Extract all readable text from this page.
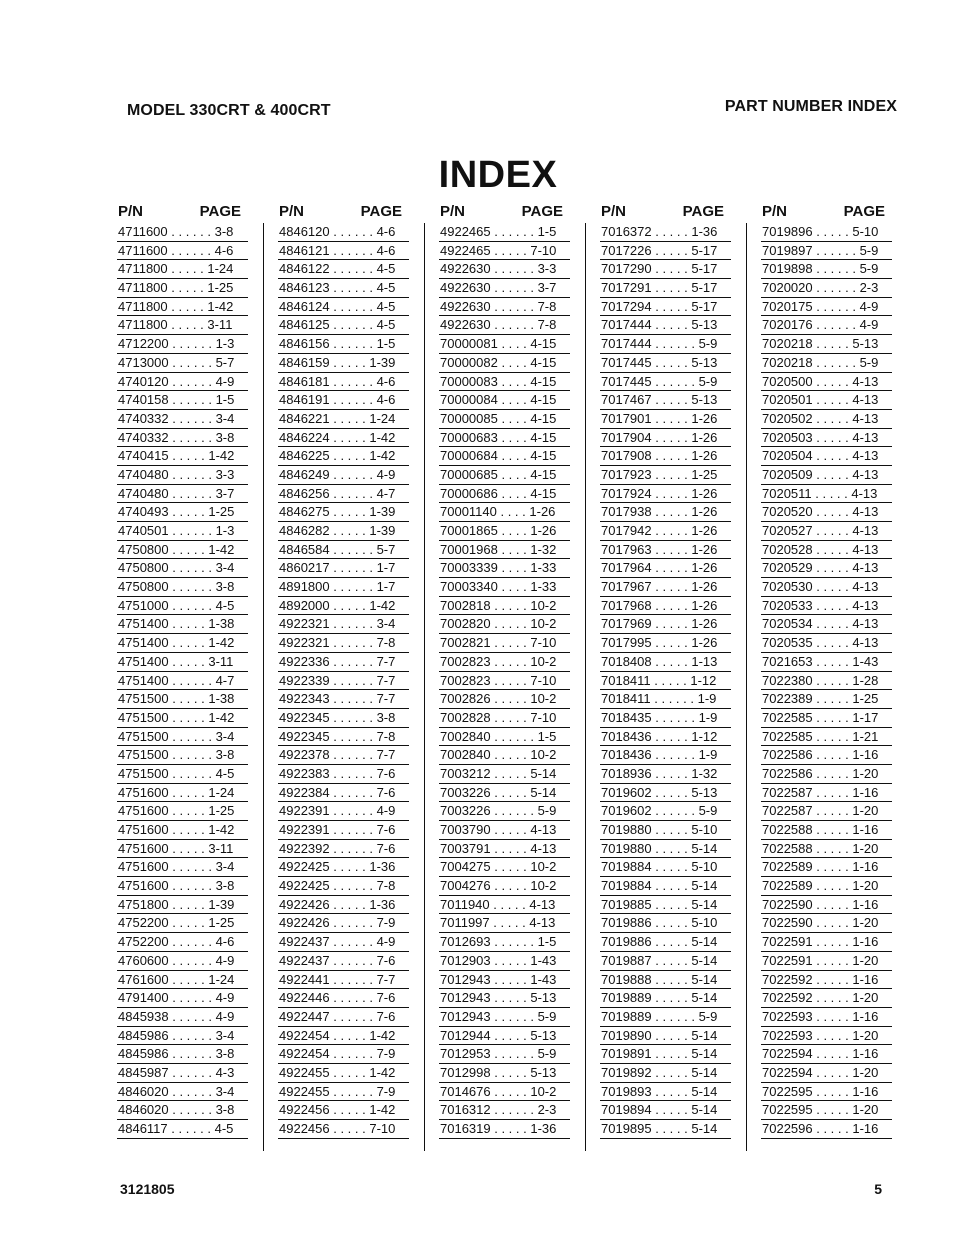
MODEL 330CRT & 400CRT	PART NUMBER INDEX
INDEX
P/N	PAGE
4711600 . . . . . . 3-8
4711600 . . . . . . 4-6
4711800 . . . . . 1-24
4711800 . . . . . 1-25
4711800 . . . . . 1-42
4711800 . . . . . 3-11
4712200 . . . . . . 1-3
4713000 . . . . . . 5-7
4740120 . . . . . . 4-9
4740158 . . . . . . 1-5
4740332 . . . . . . 3-4
4740332 . . . . . . 3-8
4740415 . . . . . 1-42
4740480 . . . . . . 3-3
4740480 . . . . . . 3-7
4740493 . . . . . 1-25
4740501 . . . . . . 1-3
4750800 . . . . . 1-42
4750800 . . . . . . 3-4
4750800 . . . . . . 3-8
4751000 . . . . . . 4-5
4751400 . . . . . 1-38
4751400 . . . . . 1-42
4751400 . . . . . 3-11
4751400 . . . . . . 4-7
4751500 . . . . . 1-38
4751500 . . . . . 1-42
4751500 . . . . . . 3-4
4751500 . . . . . . 3-8
4751500 . . . . . . 4-5
4751600 . . . . . 1-24
4751600 . . . . . 1-25
4751600 . . . . . 1-42
4751600 . . . . . 3-11
4751600 . . . . . . 3-4
4751600 . . . . . . 3-8
4751800 . . . . . 1-39
4752200 . . . . . 1-25
4752200 . . . . . . 4-6
4760600 . . . . . . 4-9
4761600 . . . . . 1-24
4791400 . . . . . . 4-9
4845938 . . . . . . 4-9
4845986 . . . . . . 3-4
4845986 . . . . . . 3-8
4845987 . . . . . . 4-3
4846020 . . . . . . 3-4
4846020 . . . . . . 3-8
4846117 . . . . . . 4-5
P/N	PAGE
4846120 . . . . . . 4-6
4846121 . . . . . . 4-6
4846122 . . . . . . 4-5
4846123 . . . . . . 4-5
4846124 . . . . . . 4-5
4846125 . . . . . . 4-5
4846156 . . . . . . 1-5
4846159 . . . . . 1-39
4846181 . . . . . . 4-6
4846191 . . . . . . 4-6
4846221 . . . . . 1-24
4846224 . . . . . 1-42
4846225 . . . . . 1-42
4846249 . . . . . . 4-9
4846256 . . . . . . 4-7
4846275 . . . . . 1-39
4846282 . . . . . 1-39
4846584 . . . . . . 5-7
4860217 . . . . . . 1-7
4891800 . . . . . . 1-7
4892000 . . . . . 1-42
4922321 . . . . . . 3-4
4922321 . . . . . . 7-8
4922336 . . . . . . 7-7
4922339 . . . . . . 7-7
4922343 . . . . . . 7-7
4922345 . . . . . . 3-8
4922345 . . . . . . 7-8
4922378 . . . . . . 7-7
4922383 . . . . . . 7-6
4922384 . . . . . . 7-6
4922391 . . . . . . 4-9
4922391 . . . . . . 7-6
4922392 . . . . . . 7-6
4922425 . . . . . 1-36
4922425 . . . . . . 7-8
4922426 . . . . . 1-36
4922426 . . . . . . 7-9
4922437 . . . . . . 4-9
4922437 . . . . . . 7-6
4922441 . . . . . . 7-7
4922446 . . . . . . 7-6
4922447 . . . . . . 7-6
4922454 . . . . . 1-42
4922454 . . . . . . 7-9
4922455 . . . . . 1-42
4922455 . . . . . . 7-9
4922456 . . . . . 1-42
4922456 . . . . . 7-10
P/N	PAGE
4922465 . . . . . . 1-5
4922465 . . . . . 7-10
4922630 . . . . . . 3-3
4922630 . . . . . . 3-7
4922630 . . . . . . 7-8
4922630 . . . . . . 7-8
70000081 . . . . 4-15
70000082 . . . . 4-15
70000083 . . . . 4-15
70000084 . . . . 4-15
70000085 . . . . 4-15
70000683 . . . . 4-15
70000684 . . . . 4-15
70000685 . . . . 4-15
70000686 . . . . 4-15
70001140 . . . . 1-26
70001865 . . . . 1-26
70001968 . . . . 1-32
70003339 . . . . 1-33
70003340 . . . . 1-33
7002818 . . . . . 10-2
7002820 . . . . . 10-2
7002821 . . . . . 7-10
7002823 . . . . . 10-2
7002823 . . . . . 7-10
7002826 . . . . . 10-2
7002828 . . . . . 7-10
7002840 . . . . . . 1-5
7002840 . . . . . 10-2
7003212 . . . . . 5-14
7003226 . . . . . 5-14
7003226 . . . . . . 5-9
7003790 . . . . . 4-13
7003791 . . . . . 4-13
7004275 . . . . . 10-2
7004276 . . . . . 10-2
7011940 . . . . . 4-13
7011997 . . . . . 4-13
7012693 . . . . . . 1-5
7012903 . . . . . 1-43
7012943 . . . . . 1-43
7012943 . . . . . 5-13
7012943 . . . . . . 5-9
7012944 . . . . . 5-13
7012953 . . . . . . 5-9
7012998 . . . . . 5-13
7014676 . . . . . 10-2
7016312 . . . . . . 2-3
7016319 . . . . . 1-36
P/N	PAGE
7016372 . . . . . 1-36
7017226 . . . . . 5-17
7017290 . . . . . 5-17
7017291 . . . . . 5-17
7017294 . . . . . 5-17
7017444 . . . . . 5-13
7017444 . . . . . . 5-9
7017445 . . . . . 5-13
7017445 . . . . . . 5-9
7017467 . . . . . 5-13
7017901 . . . . . 1-26
7017904 . . . . . 1-26
7017908 . . . . . 1-26
7017923 . . . . . 1-25
7017924 . . . . . 1-26
7017938 . . . . . 1-26
7017942 . . . . . 1-26
7017963 . . . . . 1-26
7017964 . . . . . 1-26
7017967 . . . . . 1-26
7017968 . . . . . 1-26
7017969 . . . . . 1-26
7017995 . . . . . 1-26
7018408 . . . . . 1-13
7018411 . . . . . 1-12
7018411 . . . . . . 1-9
7018435 . . . . . . 1-9
7018436 . . . . . 1-12
7018436 . . . . . . 1-9
7018936 . . . . . 1-32
7019602 . . . . . 5-13
7019602 . . . . . . 5-9
7019880 . . . . . 5-10
7019880 . . . . . 5-14
7019884 . . . . . 5-10
7019884 . . . . . 5-14
7019885 . . . . . 5-14
7019886 . . . . . 5-10
7019886 . . . . . 5-14
7019887 . . . . . 5-14
7019888 . . . . . 5-14
7019889 . . . . . 5-14
7019889 . . . . . . 5-9
7019890 . . . . . 5-14
7019891 . . . . . 5-14
7019892 . . . . . 5-14
7019893 . . . . . 5-14
7019894 . . . . . 5-14
7019895 . . . . . 5-14
P/N	PAGE
7019896 . . . . . 5-10
7019897 . . . . . . 5-9
7019898 . . . . . . 5-9
7020020 . . . . . . 2-3
7020175 . . . . . . 4-9
7020176 . . . . . . 4-9
7020218 . . . . . 5-13
7020218 . . . . . . 5-9
7020500 . . . . . 4-13
7020501 . . . . . 4-13
7020502 . . . . . 4-13
7020503 . . . . . 4-13
7020504 . . . . . 4-13
7020509 . . . . . 4-13
7020511 . . . . . 4-13
7020520 . . . . . 4-13
7020527 . . . . . 4-13
7020528 . . . . . 4-13
7020529 . . . . . 4-13
7020530 . . . . . 4-13
7020533 . . . . . 4-13
7020534 . . . . . 4-13
7020535 . . . . . 4-13
7021653 . . . . . 1-43
7022380 . . . . . 1-28
7022389 . . . . . 1-25
7022585 . . . . . 1-17
7022585 . . . . . 1-21
7022586 . . . . . 1-16
7022586 . . . . . 1-20
7022587 . . . . . 1-16
7022587 . . . . . 1-20
7022588 . . . . . 1-16
7022588 . . . . . 1-20
7022589 . . . . . 1-16
7022589 . . . . . 1-20
7022590 . . . . . 1-16
7022590 . . . . . 1-20
7022591 . . . . . 1-16
7022591 . . . . . 1-20
7022592 . . . . . 1-16
7022592 . . . . . 1-20
7022593 . . . . . 1-16
7022593 . . . . . 1-20
7022594 . . . . . 1-16
7022594 . . . . . 1-20
7022595 . . . . . 1-16
7022595 . . . . . 1-20
7022596 . . . . . 1-16
3121805	5
